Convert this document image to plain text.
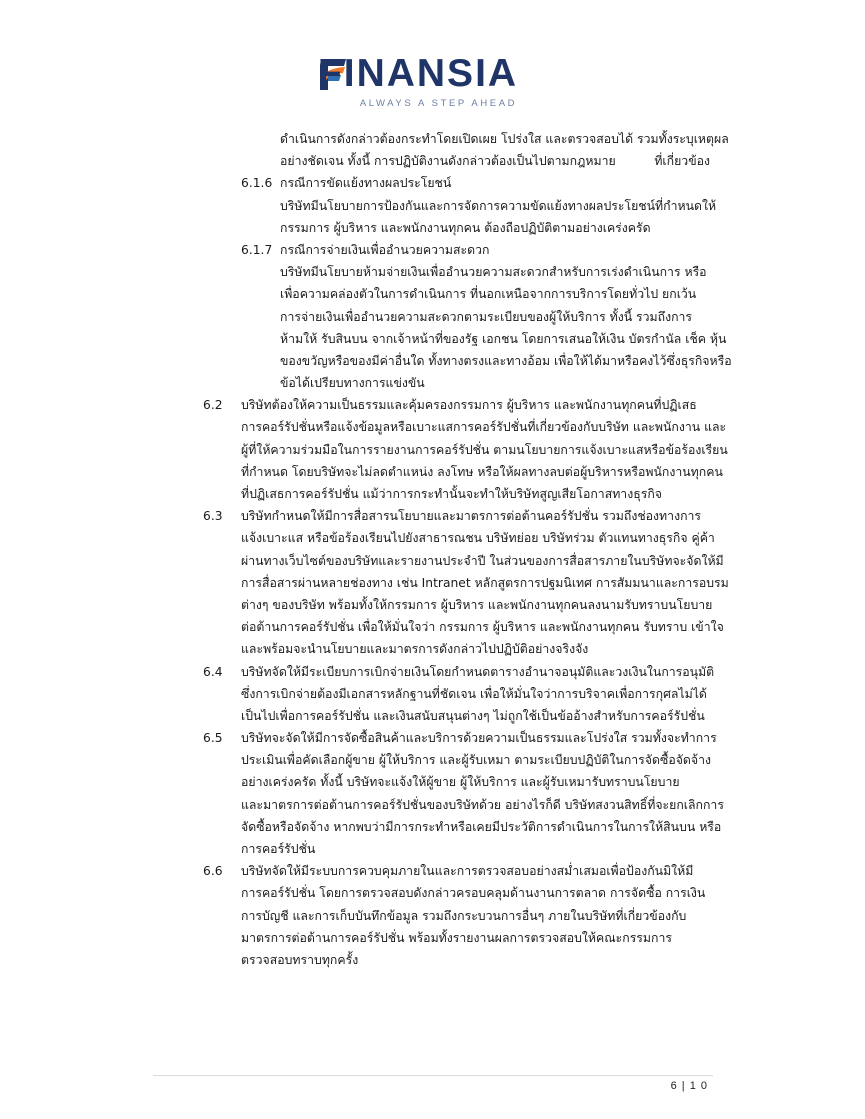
FINANSIA
ALWAYS A STEP AHEAD
ดำเนินการดังกล่าวต้องกระทำโดยเปิดเผย โปร่งใส และตรวจสอบได้ รวมทั้งระบุเหตุผล
อย่างชัดเจน ทั้งนี้ การปฏิบัติงานดังกล่าวต้องเป็นไปตามกฎหมาย	ที่เกี่ยวข้อง
6.1.6 กรณีการขัดแย้งทางผลประโยชน์
บริษัทมีนโยบายการป้องกันและการจัดการความขัดแย้งทางผลประโยชน์ที่กำหนดให้
กรรมการ ผู้บริหาร และพนักงานทุกคน ต้องถือปฏิบัติตามอย่างเคร่งครัด
6.1.7 กรณีการจ่ายเงินเพื่ออำนวยความสะดวก
บริษัทมีนโยบายห้ามจ่ายเงินเพื่ออำนวยความสะดวกสำหรับการเร่งดำเนินการ หรือ
เพื่อความคล่องตัวในการดำเนินการ ที่นอกเหนือจากการบริการโดยทั่วไป ยกเว้น
การจ่ายเงินเพื่ออำนวยความสะดวกตามระเบียบของผู้ให้บริการ ทั้งนี้ รวมถึงการ
ห้ามให้ รับสินบน จากเจ้าหน้าที่ของรัฐ เอกชน โดยการเสนอให้เงิน บัตรกำนัล เช็ค หุ้น
ของขวัญหรือของมีค่าอื่นใด ทั้งทางตรงและทางอ้อม เพื่อให้ได้มาหรือคงไว้ซึ่งธุรกิจหรือ
ข้อได้เปรียบทางการแข่งขัน
6.2 บริษัทต้องให้ความเป็นธรรมและคุ้มครองกรรมการ ผู้บริหาร และพนักงานทุกคนที่ปฏิเสธ
การคอร์รัปชั่นหรือแจ้งข้อมูลหรือเบาะแสการคอร์รัปชั่นที่เกี่ยวข้องกับบริษัท และพนักงาน และ
ผู้ที่ให้ความร่วมมือในการรายงานการคอร์รัปชั่น ตามนโยบายการแจ้งเบาะแสหรือข้อร้องเรียน
ที่กำหนด โดยบริษัทจะไม่ลดตำแหน่ง ลงโทษ หรือให้ผลทางลบต่อผู้บริหารหรือพนักงานทุกคน
ที่ปฏิเสธการคอร์รัปชั่น แม้ว่าการกระทำนั้นจะทำให้บริษัทสูญเสียโอกาสทางธุรกิจ
6.3 บริษัทกำหนดให้มีการสื่อสารนโยบายและมาตรการต่อต้านคอร์รัปชั่น รวมถึงช่องทางการ
แจ้งเบาะแส หรือข้อร้องเรียนไปยังสาธารณชน บริษัทย่อย บริษัทร่วม ตัวแทนทางธุรกิจ คู่ค้า
ผ่านทางเว็บไซต์ของบริษัทและรายงานประจำปี ในส่วนของการสื่อสารภายในบริษัทจะจัดให้มี
การสื่อสารผ่านหลายช่องทาง เช่น Intranet หลักสูตรการปฐมนิเทศ การสัมมนาและการอบรม
ต่างๆ ของบริษัท พร้อมทั้งให้กรรมการ ผู้บริหาร และพนักงานทุกคนลงนามรับทราบนโยบาย
ต่อต้านการคอร์รัปชั่น เพื่อให้มั่นใจว่า กรรมการ ผู้บริหาร และพนักงานทุกคน รับทราบ เข้าใจ
และพร้อมจะนำนโยบายและมาตรการดังกล่าวไปปฏิบัติอย่างจริงจัง
6.4 บริษัทจัดให้มีระเบียบการเบิกจ่ายเงินโดยกำหนดตารางอำนาจอนุมัติและวงเงินในการอนุมัติ
ซึ่งการเบิกจ่ายต้องมีเอกสารหลักฐานที่ชัดเจน เพื่อให้มั่นใจว่าการบริจาคเพื่อการกุศลไม่ได้
เป็นไปเพื่อการคอร์รัปชั่น และเงินสนับสนุนต่างๆ ไม่ถูกใช้เป็นข้ออ้างสำหรับการคอร์รัปชั่น
6.5 บริษัทจะจัดให้มีการจัดซื้อสินค้าและบริการด้วยความเป็นธรรมและโปร่งใส รวมทั้งจะทำการ
ประเมินเพื่อคัดเลือกผู้ขาย ผู้ให้บริการ และผู้รับเหมา ตามระเบียบปฏิบัติในการจัดซื้อจัดจ้าง
อย่างเคร่งครัด ทั้งนี้ บริษัทจะแจ้งให้ผู้ขาย ผู้ให้บริการ และผู้รับเหมารับทราบนโยบาย
และมาตรการต่อต้านการคอร์รัปชั่นของบริษัทด้วย อย่างไรก็ดี บริษัทสงวนสิทธิ์ที่จะยกเลิกการ
จัดซื้อหรือจัดจ้าง หากพบว่ามีการกระทำหรือเคยมีประวัติการดำเนินการในการให้สินบน หรือ
การคอร์รัปชั่น
6.6 บริษัทจัดให้มีระบบการควบคุมภายในและการตรวจสอบอย่างสม่ำเสมอเพื่อป้องกันมิให้มี
การคอร์รัปชั่น โดยการตรวจสอบดังกล่าวครอบคลุมด้านงานการตลาด การจัดซื้อ การเงิน
การบัญชี และการเก็บบันทึกข้อมูล รวมถึงกระบวนการอื่นๆ ภายในบริษัทที่เกี่ยวข้องกับ
มาตรการต่อต้านการคอร์รัปชั่น พร้อมทั้งรายงานผลการตรวจสอบให้คณะกรรมการ
ตรวจสอบทราบทุกครั้ง
6 | 1 0
